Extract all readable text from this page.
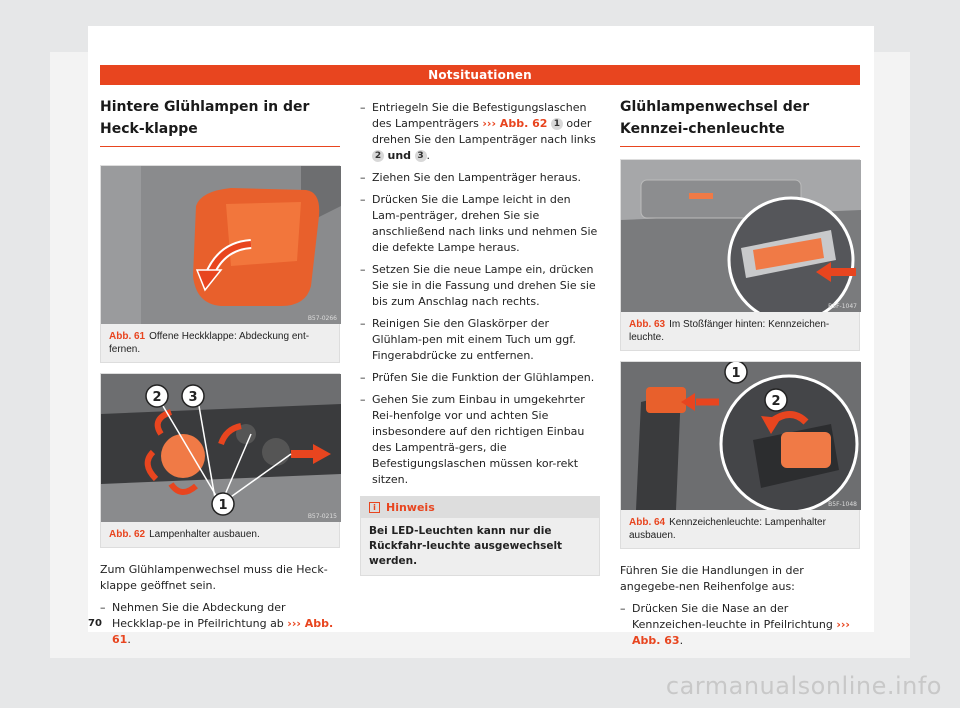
Notsituationen
Hintere Glühlampen in der Heck-klappe
B57-0266
Abb. 61 Offene Heckklappe: Abdeckung ent-fernen.
2 3
1
B57-0215
Abb. 62 Lampenhalter ausbauen.

Zum Glühlampenwechsel muss die Heck-klappe geöffnet sein.

– Nehmen Sie die Abdeckung der Heckklap-pe in Pfeilrichtung ab ››› Abb. 61.
– Entriegeln Sie die Befestigungslaschen des Lampenträgers ››› Abb. 62 1 oder drehen Sie den Lampenträger nach links 2 und 3 .
– Ziehen Sie den Lampenträger heraus.
– Drücken Sie die Lampe leicht in den Lam-penträger, drehen Sie sie anschließend nach links und nehmen Sie die defekte Lampe heraus.
– Setzen Sie die neue Lampe ein, drücken Sie sie in die Fassung und drehen Sie sie bis zum Anschlag nach rechts.
– Reinigen Sie den Glaskörper der Glühlam-pen mit einem Tuch um ggf. Fingerabdrücke zu entfernen.
– Prüfen Sie die Funktion der Glühlampen.
– Gehen Sie zum Einbau in umgekehrter Rei-henfolge vor und achten Sie insbesondere auf den richtigen Einbau des Lampenträ-gers, die Befestigungslaschen müssen kor-rekt sitzen.
i Hinweis
Bei LED-Leuchten kann nur die Rückfahr-leuchte ausgewechselt werden.
Glühlampenwechsel der Kennzei-chenleuchte
B5F-1047
Abb. 63 Im Stoßfänger hinten: Kennzeichen-leuchte.
1
2
B5F-1048
Abb. 64 Kennzeichenleuchte: Lampenhalter ausbauen.

Führen Sie die Handlungen in der angegebe-nen Reihenfolge aus:

– Drücken Sie die Nase an der Kennzeichen-leuchte in Pfeilrichtung ››› Abb. 63.
70
carmanualsonline.info
